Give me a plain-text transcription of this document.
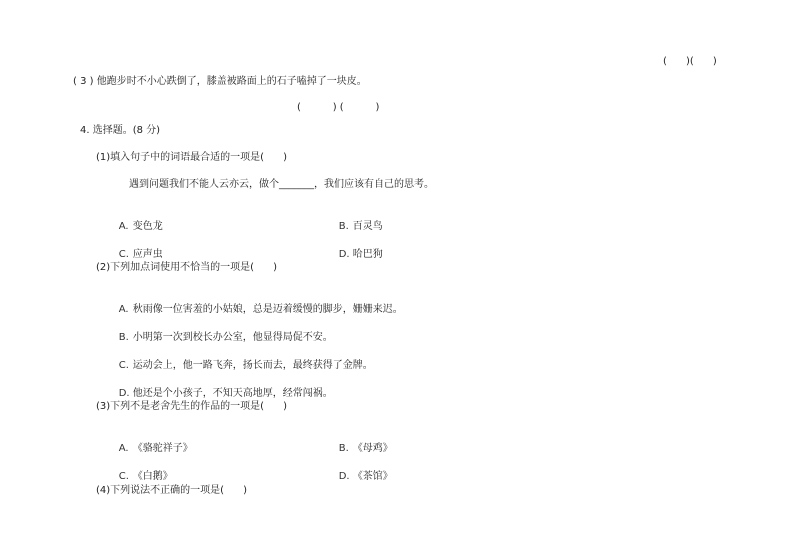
(      )(      )
( 3 ) 他跑步时不小心跌倒了，膝盖被路面上的石子嗑掉了一块皮。
(          ) (          )
4. 选择题。(8 分)
(1)填入句子中的词语最合适的一项是(      )
遇到问题我们不能人云亦云，做个_______，我们应该有自己的思考。

A. 变色龙
	B. 百灵鸟

C. 应声虫
	D. 哈巴狗

(2)下列加点词使用不恰当的一项是(      )

A. 秋雨像一位害羞的小姑娘，总是迈着缓慢的脚步，姗姗来迟。

B. 小明第一次到校长办公室，他显得局促不安。

C. 运动会上，他一路飞奔，扬长而去，最终获得了金牌。

D. 他还是个小孩子，不知天高地厚，经常闯祸。

(3)下列不是老舍先生的作品的一项是(      )

A. 《骆驼祥子》
	B. 《母鸡》

C. 《白鹅》
	D. 《茶馆》

(4)下列说法不正确的一项是(      )
